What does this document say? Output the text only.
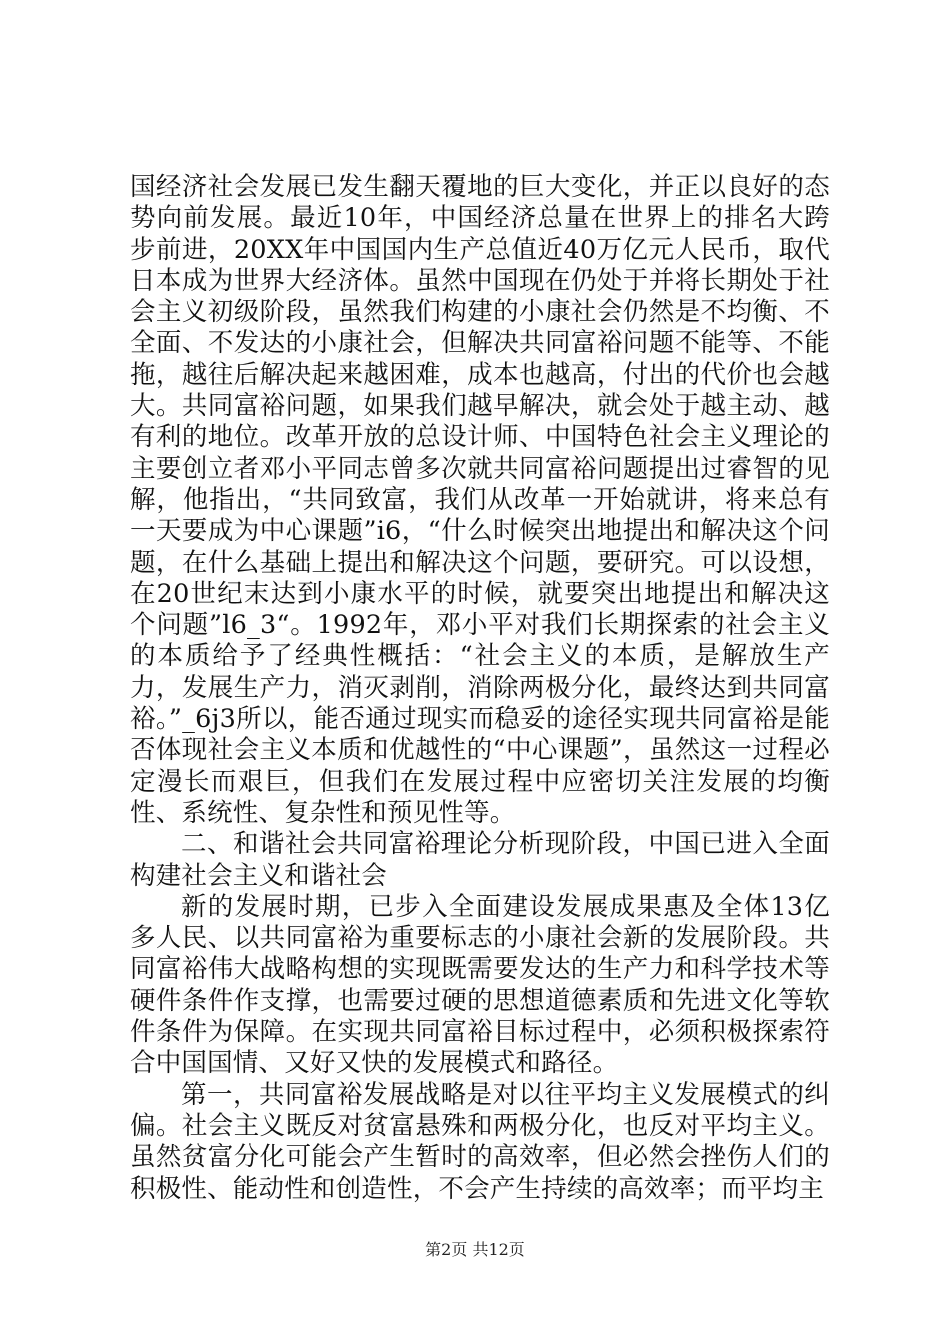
国经济社会发展已发生翻天覆地的巨大变化，并正以良好的态势向前发展。最近10年，中国经济总量在世界上的排名大跨步前进，20XX年中国国内生产总值近40万亿元人民币，取代日本成为世界大经济体。虽然中国现在仍处于并将长期处于社会主义初级阶段，虽然我们构建的小康社会仍然是不均衡、不全面、不发达的小康社会，但解决共同富裕问题不能等、不能拖，越往后解决起来越困难，成本也越高，付出的代价也会越大。共同富裕问题，如果我们越早解决，就会处于越主动、越有利的地位。改革开放的总设计师、中国特色社会主义理论的主要创立者邓小平同志曾多次就共同富裕问题提出过睿智的见解，他指出，“共同致富，我们从改革一开始就讲，将来总有一天要成为中心课题”i6，“什么时候突出地提出和解决这个问题，在什么基础上提出和解决这个问题，要研究。可以设想，在20世纪末达到小康水平的时候，就要突出地提出和解决这个问题”l6_3“。1992年，邓小平对我们长期探索的社会主义的本质给予了经典性概括：“社会主义的本质，是解放生产力，发展生产力，消灭剥削，消除两极分化，最终达到共同富裕。”_6j3所以，能否通过现实而稳妥的途径实现共同富裕是能否体现社会主义本质和优越性的“中心课题”，虽然这一过程必定漫长而艰巨，但我们在发展过程中应密切关注发展的均衡性、系统性、复杂性和预见性等。

二、和谐社会共同富裕理论分析现阶段，中国已进入全面构建社会主义和谐社会

新的发展时期，已步入全面建设发展成果惠及全体13亿多人民、以共同富裕为重要标志的小康社会新的发展阶段。共同富裕伟大战略构想的实现既需要发达的生产力和科学技术等硬件条件作支撑，也需要过硬的思想道德素质和先进文化等软件条件为保障。在实现共同富裕目标过程中，必须积极探索符合中国国情、又好又快的发展模式和路径。

第一，共同富裕发展战略是对以往平均主义发展模式的纠偏。社会主义既反对贫富悬殊和两极分化，也反对平均主义。虽然贫富分化可能会产生暂时的高效率，但必然会挫伤人们的积极性、能动性和创造性，不会产生持续的高效率；而平均主

第2页 共12页
